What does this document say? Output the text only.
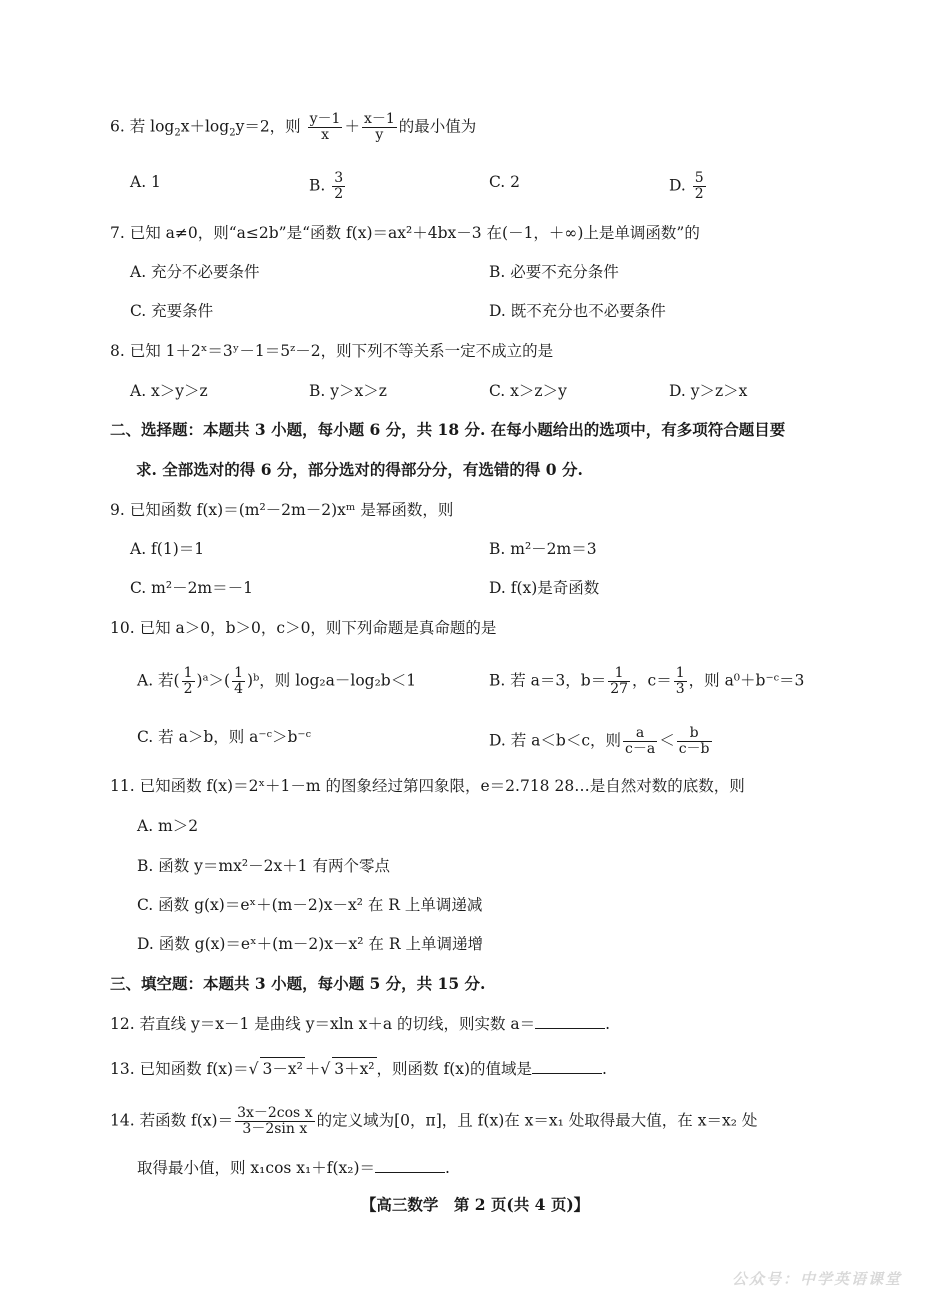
6. 若 $\log_2x+\log_2y=2$，则 $\frac{y-1}{x} + \frac{x-1}{y}$ 的最小值为
A. 1	B. $\frac{3}{2}$	C. 2	D. $\frac{5}{2}$
7. 已知 a≠0，则“a≤2b”是“函数 f(x)＝ax²＋4bx－3 在(－1，＋∞)上是单调函数”的
A. 充分不必要条件	B. 必要不充分条件
C. 充要条件	D. 既不充分也不必要条件
8. 已知 1＋2ˣ＝3ʸ－1＝5ᶻ－2，则下列不等关系一定不成立的是
A. x＞y＞z	B. y＞x＞z	C. x＞z＞y	D. y＞z＞x
二、选择题：本题共 3 小题，每小题 6 分，共 18 分. 在每小题给出的选项中，有多项符合题目要
求. 全部选对的得 6 分，部分选对的得部分分，有选错的得 0 分.
9. 已知函数 f(x)＝(m²－2m－2)xᵐ 是幂函数，则
A. f(1)＝1	B. m²－2m＝3
C. m²－2m＝－1	D. f(x)是奇函数
10. 已知 a＞0，b＞0，c＞0，则下列命题是真命题的是
A. 若( $\frac{1}{2}$ )ᵃ＞( $\frac{1}{4}$ )ᵇ，则 log₂a－log₂b＜1	B. 若 a＝3，$b= \frac{1}{27}$ ，$c= \frac{1}{3}$ ，则 a⁰＋b⁻ᶜ＝3
C. 若 a＞b，则 a⁻ᶜ＞b⁻ᶜ	D. 若 a＜b＜c，则 $\frac{a}{c-a} < \frac{b}{c-b}$
11. 已知函数 f(x)＝2ˣ＋1－m 的图象经过第四象限，e＝2.718 28…是自然对数的底数，则
A. m＞2
B. 函数 y＝mx²－2x＋1 有两个零点
C. 函数 g(x)＝eˣ＋(m－2)x－x² 在 R 上单调递减
D. 函数 g(x)＝eˣ＋(m－2)x－x² 在 R 上单调递增
三、填空题：本题共 3 小题，每小题 5 分，共 15 分.
12. 若直线 y＝x－1 是曲线 y＝xln x＋a 的切线，则实数 a＝	.
13. 已知函数 f(x)＝√ 3－x² ＋√ 3＋x² ，则函数 f(x)的值域是	.
14. 若函数 $f(x)= \frac{\text{3x－2cos x}}{\text{3－2sin x}}$ 的定义域为[0，π]，且 f(x)在 x＝x₁ 处取得最大值，在 x＝x₂ 处
取得最小值，则 x₁cos x₁＋f(x₂)＝	.
【高三数学　第 2 页(共 4 页)】
公众号：中学英语课堂
